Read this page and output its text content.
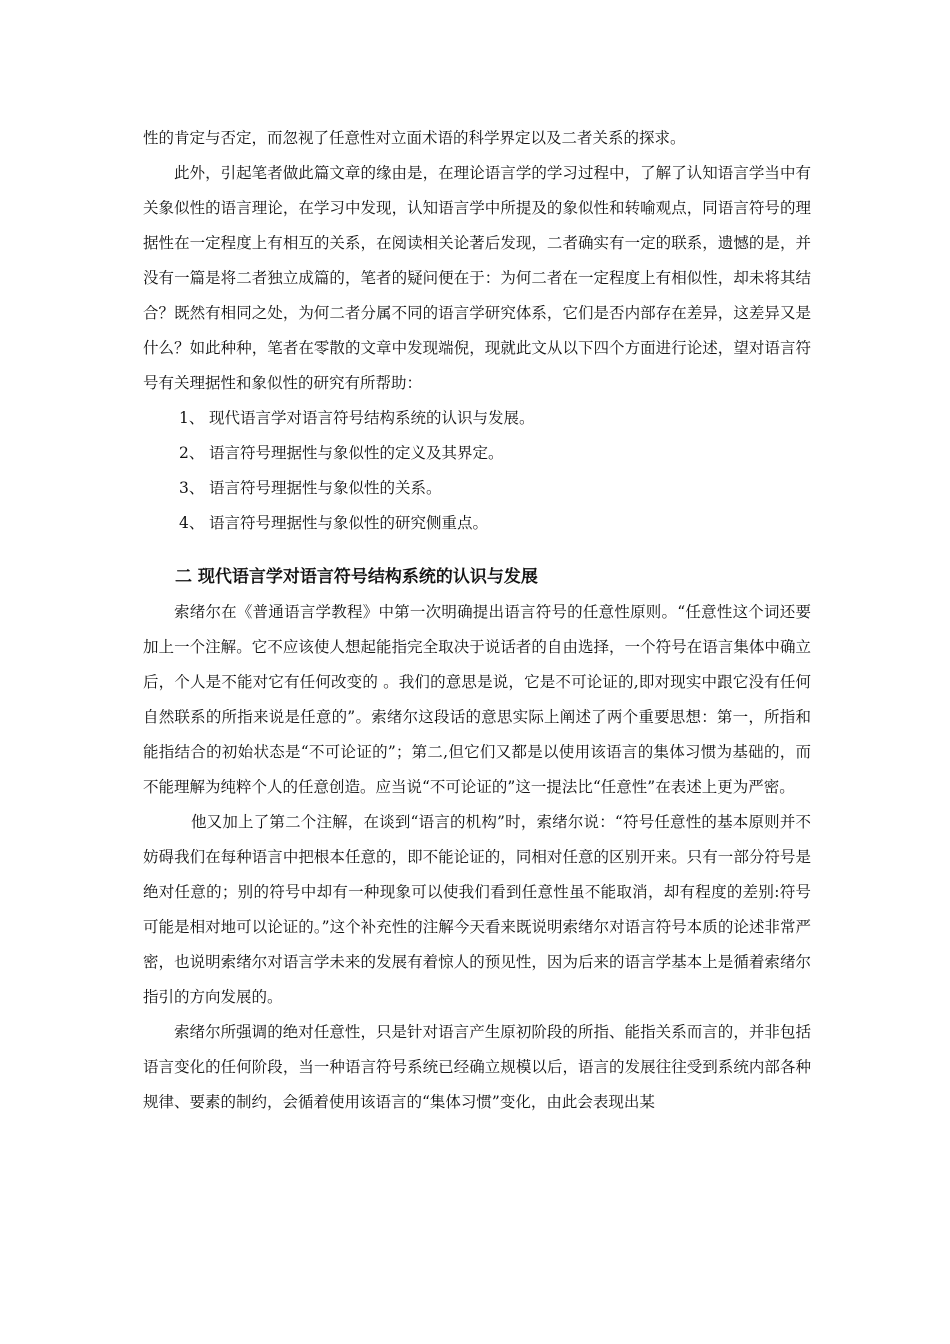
性的肯定与否定，而忽视了任意性对立面术语的科学界定以及二者关系的探求。

此外，引起笔者做此篇文章的缘由是，在理论语言学的学习过程中，了解了认知语言学当中有关象似性的语言理论，在学习中发现，认知语言学中所提及的象似性和转喻观点，同语言符号的理据性在一定程度上有相互的关系，在阅读相关论著后发现，二者确实有一定的联系，遗憾的是，并没有一篇是将二者独立成篇的，笔者的疑问便在于：为何二者在一定程度上有相似性，却未将其结合？既然有相同之处，为何二者分属不同的语言学研究体系，它们是否内部存在差异，这差异又是什么？如此种种，笔者在零散的文章中发现端倪，现就此文从以下四个方面进行论述，望对语言符号有关理据性和象似性的研究有所帮助：

1、 现代语言学对语言符号结构系统的认识与发展。
2、 语言符号理据性与象似性的定义及其界定。
3、 语言符号理据性与象似性的关系。
4、 语言符号理据性与象似性的研究侧重点。
二 现代语言学对语言符号结构系统的认识与发展

索绪尔在《普通语言学教程》中第一次明确提出语言符号的任意性原则。“任意性这个词还要加上一个注解。它不应该使人想起能指完全取决于说话者的自由选择，一个符号在语言集体中确立后，个人是不能对它有任何改变的 。我们的意思是说，它是不可论证的,即对现实中跟它没有任何自然联系的所指来说是任意的”。索绪尔这段话的意思实际上阐述了两个重要思想：第一，所指和能指结合的初始状态是“不可论证的”；第二,但它们又都是以使用该语言的集体习惯为基础的，而不能理解为纯粹个人的任意创造。应当说“不可论证的”这一提法比“任意性”在表述上更为严密。

他又加上了第二个注解，在谈到“语言的机构”时，索绪尔说：“符号任意性的基本原则并不妨碍我们在每种语言中把根本任意的，即不能论证的，同相对任意的区别开来。只有一部分符号是绝对任意的；别的符号中却有一种现象可以使我们看到任意性虽不能取消，却有程度的差别:符号可能是相对地可以论证的。”这个补充性的注解今天看来既说明索绪尔对语言符号本质的论述非常严密，也说明索绪尔对语言学未来的发展有着惊人的预见性，因为后来的语言学基本上是循着索绪尔指引的方向发展的。

索绪尔所强调的绝对任意性，只是针对语言产生原初阶段的所指、能指关系而言的，并非包括语言变化的任何阶段，当一种语言符号系统已经确立规模以后，语言的发展往往受到系统内部各种规律、要素的制约，会循着使用该语言的“集体习惯”变化，由此会表现出某
